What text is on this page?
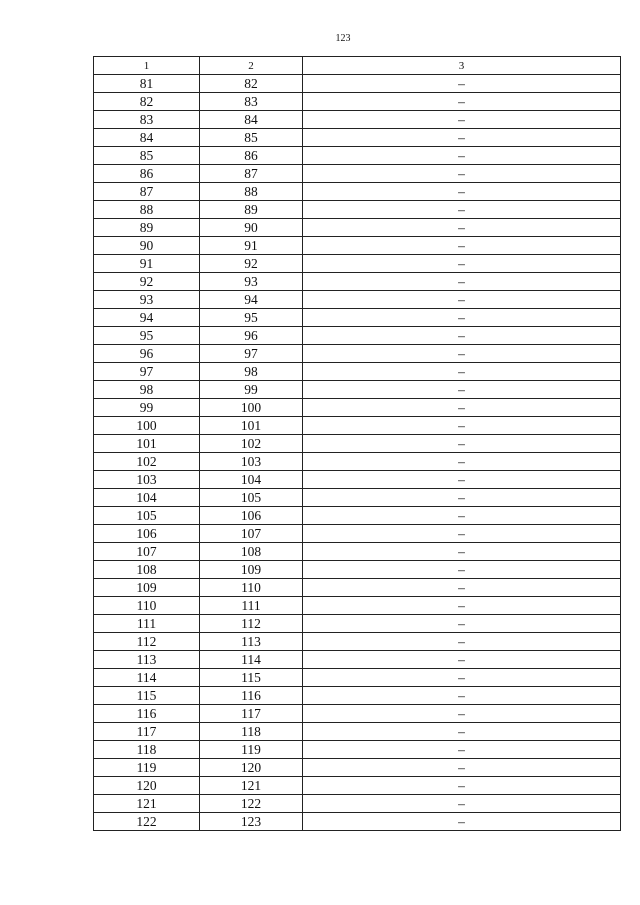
123
1	2	3
81	82	–
82	83	–
83	84	–
84	85	–
85	86	–
86	87	–
87	88	–
88	89	–
89	90	–
90	91	–
91	92	–
92	93	–
93	94	–
94	95	–
95	96	–
96	97	–
97	98	–
98	99	–
99	100	–
100	101	–
101	102	–
102	103	–
103	104	–
104	105	–
105	106	–
106	107	–
107	108	–
108	109	–
109	110	–
110	111	–
111	112	–
112	113	–
113	114	–
114	115	–
115	116	–
116	117	–
117	118	–
118	119	–
119	120	–
120	121	–
121	122	–
122	123	–
